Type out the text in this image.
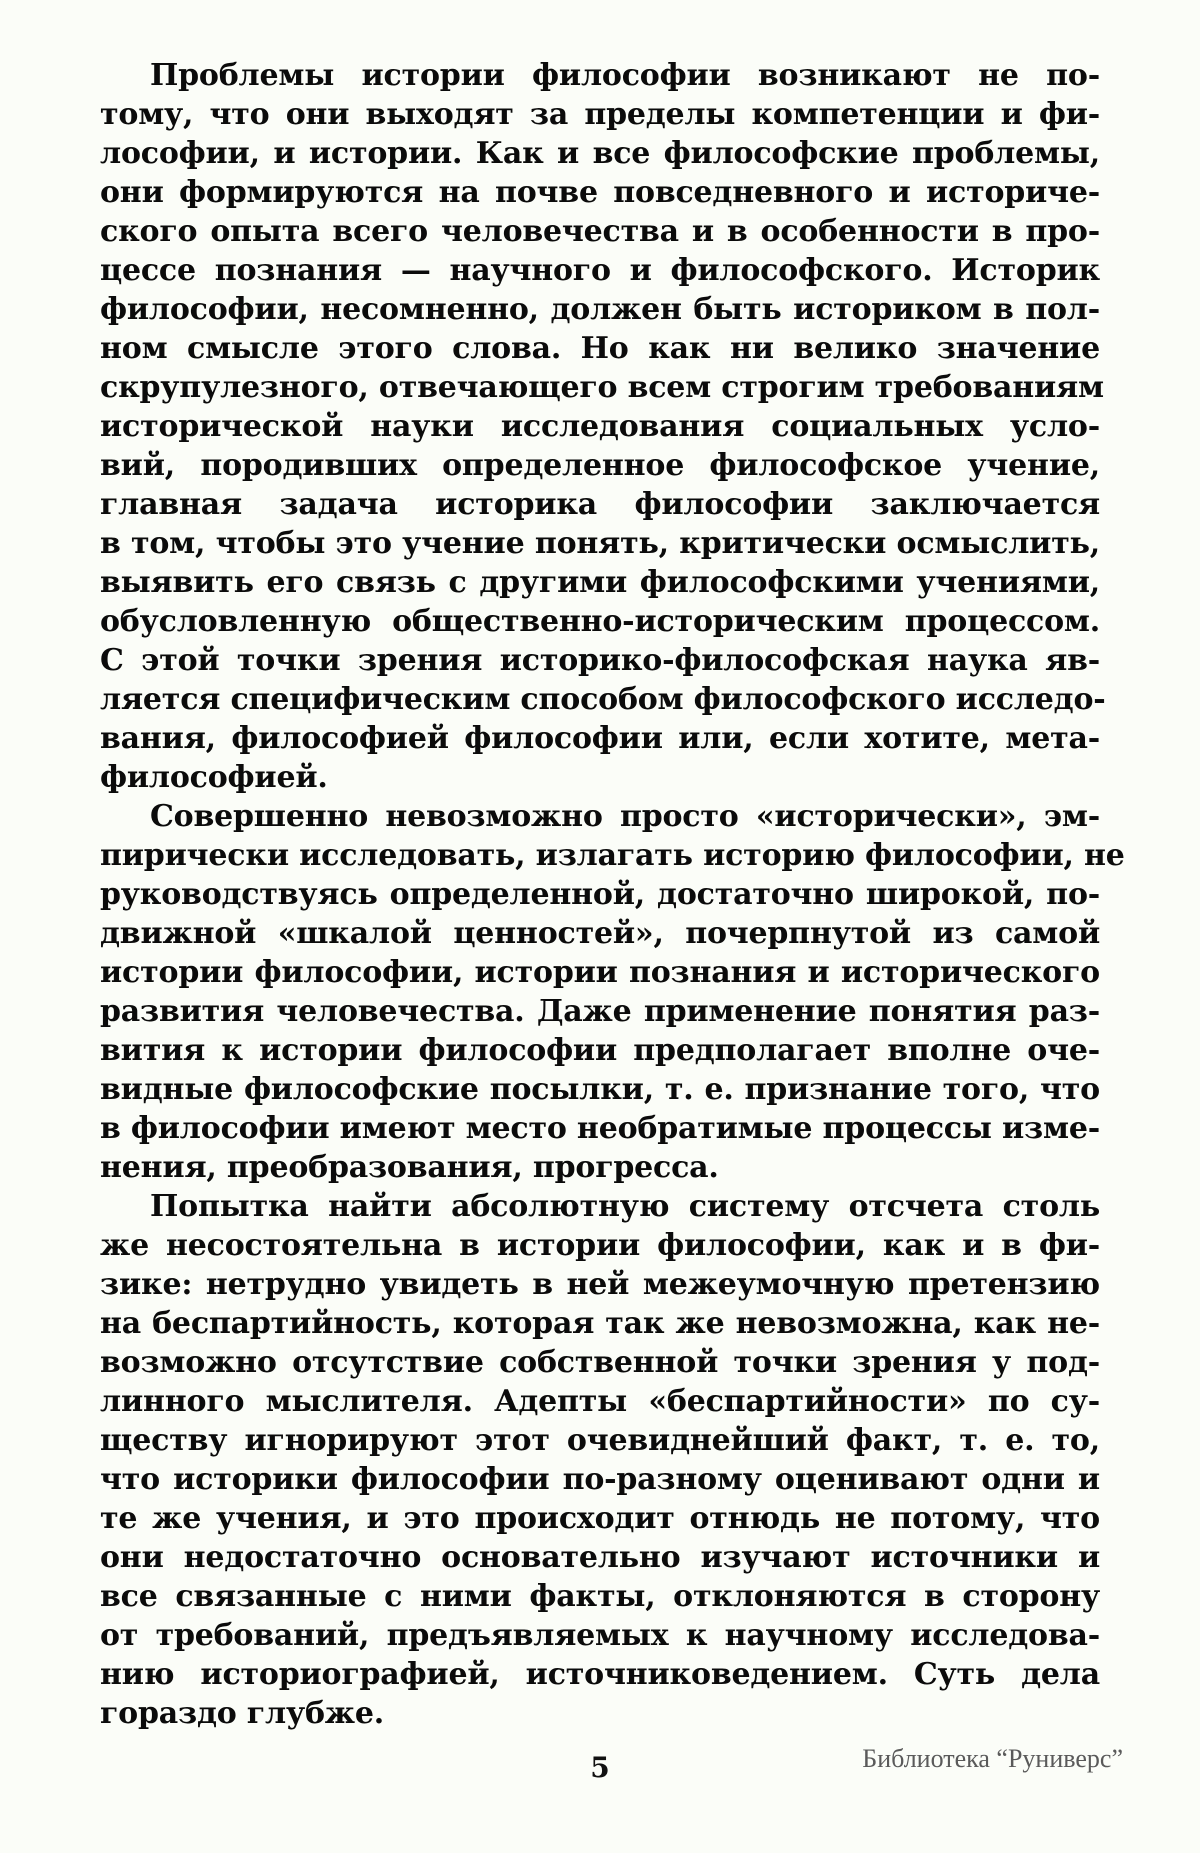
Проблемы истории философии возникают не по-
тому, что они выходят за пределы компетенции и фи-
лософии, и истории. Как и все философские проблемы,
они формируются на почве повседневного и историче-
ского опыта всего человечества и в особенности в про-
цессе познания — научного и философского. Историк
философии, несомненно, должен быть историком в пол-
ном смысле этого слова. Но как ни велико значение
скрупулезного, отвечающего всем строгим требованиям
исторической науки исследования социальных усло-
вий, породивших определенное философское учение,
главная задача историка философии заключается
в том, чтобы это учение понять, критически осмыслить,
выявить его связь с другими философскими учениями,
обусловленную общественно-историческим процессом.
С этой точки зрения историко-философская наука яв-
ляется специфическим способом философского исследо-
вания, философией философии или, если хотите, мета-
философией.
Совершенно невозможно просто «исторически», эм-
пирически исследовать, излагать историю философии, не
руководствуясь определенной, достаточно широкой, по-
движной «шкалой ценностей», почерпнутой из самой
истории философии, истории познания и исторического
развития человечества. Даже применение понятия раз-
вития к истории философии предполагает вполне оче-
видные философские посылки, т. е. признание того, что
в философии имеют место необратимые процессы изме-
нения, преобразования, прогресса.
Попытка найти абсолютную систему отсчета столь
же несостоятельна в истории философии, как и в фи-
зике: нетрудно увидеть в ней межеумочную претензию
на беспартийность, которая так же невозможна, как не-
возможно отсутствие собственной точки зрения у под-
линного мыслителя. Адепты «беспартийности» по су-
ществу игнорируют этот очевиднейший факт, т. е. то,
что историки философии по-разному оценивают одни и
те же учения, и это происходит отнюдь не потому, что
они недостаточно основательно изучают источники и
все связанные с ними факты, отклоняются в сторону
от требований, предъявляемых к научному исследова-
нию историографией, источниковедением. Суть дела
гораздо глубже.
5	Библиотека “Руниверс”
